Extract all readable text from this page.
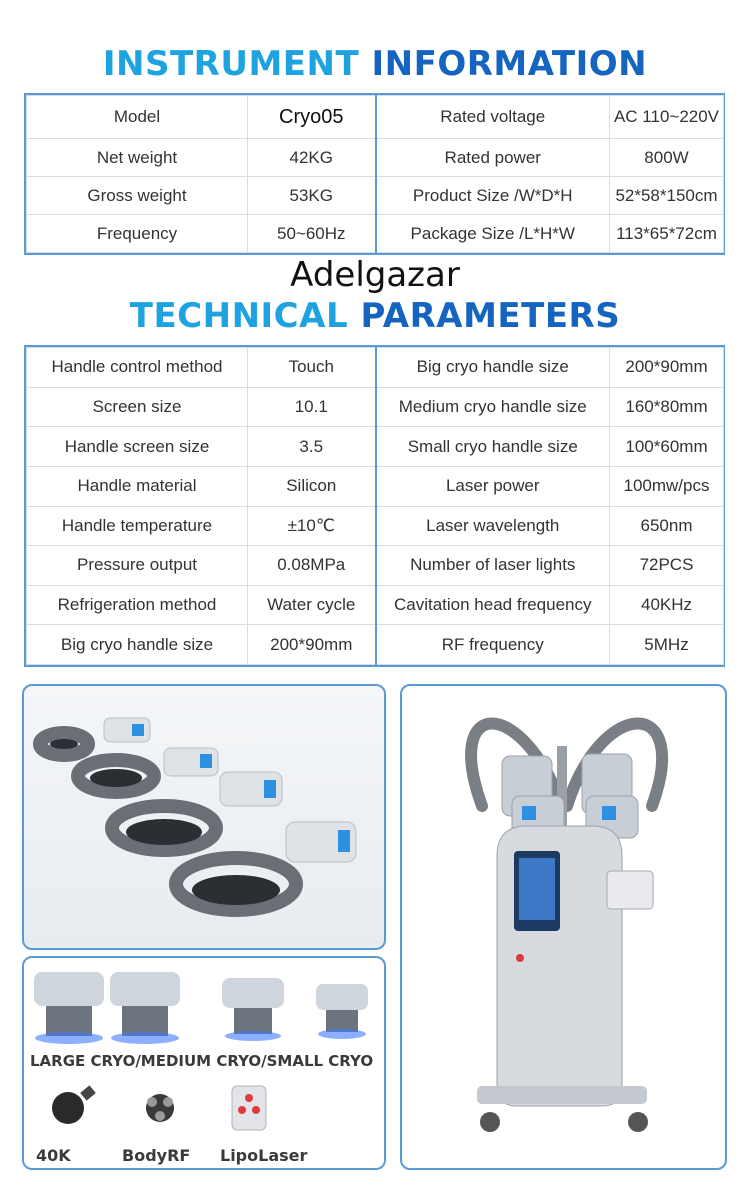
INSTRUMENT INFORMATION
Model	Cryo05	Rated voltage	AC 110~220V
Net weight	42KG	Rated power	800W
Gross weight	53KG	Product Size /W*D*H	52*58*150cm
Frequency	50~60Hz	Package Size /L*H*W	113*65*72cm
Adelgazar
TECHNICAL PARAMETERS
Handle control method	Touch	Big cryo handle size	200*90mm
Screen size	10.1	Medium cryo handle size	160*80mm
Handle screen size	3.5	Small cryo handle size	100*60mm
Handle material	Silicon	Laser power	100mw/pcs
Handle temperature	±10℃	Laser wavelength	650nm
Pressure output	0.08MPa	Number of laser lights	72PCS
Refrigeration method	Water cycle	Cavitation head frequency	40KHz
Big cryo handle size	200*90mm	RF frequency	5MHz
LARGE CRYO/MEDIUM CRYO/SMALL CRYO
40K	BodyRF LipoLaser
